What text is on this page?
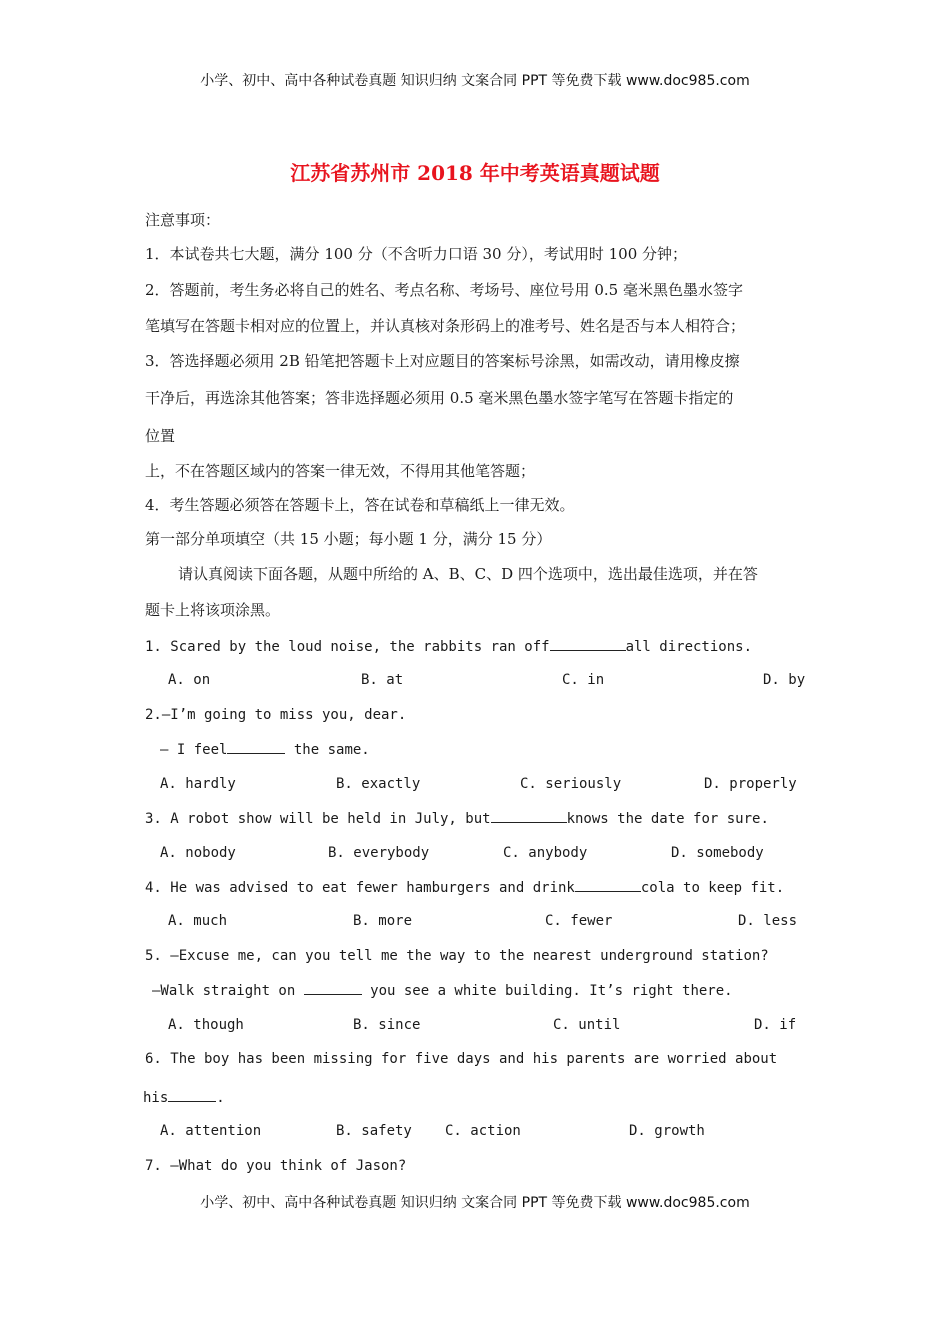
小学、初中、高中各种试卷真题 知识归纳 文案合同 PPT 等免费下载 www.doc985.com
江苏省苏州市 2018 年中考英语真题试题
注意事项：
1．本试卷共七大题，满分 100 分（不含听力口语 30 分），考试用时 100 分钟；
2．答题前，考生务必将自己的姓名、考点名称、考场号、座位号用 0.5 毫米黑色墨水签字
笔填写在答题卡相对应的位置上，并认真核对条形码上的准考号、姓名是否与本人相符合；
3．答选择题必须用 2B 铅笔把答题卡上对应题目的答案标号涂黑，如需改动，请用橡皮擦
干净后，再选涂其他答案；答非选择题必须用 0.5 毫米黑色墨水签字笔写在答题卡指定的
位置
上，不在答题区域内的答案一律无效，不得用其他笔答题；
4．考生答题必须答在答题卡上，答在试卷和草稿纸上一律无效。
第一部分单项填空（共 15 小题；每小题 1 分，满分 15 分）
请认真阅读下面各题，从题中所给的 A、B、C、D 四个选项中，选出最佳选项，并在答
题卡上将该项涂黑。
1. Scared by the loud noise, the rabbits ran off	all directions.
A. on	B. at	C. in	D. by
2.—I’m going to miss you, dear.
— I feel	the same.
A. hardly	B. exactly	C. seriously	D. properly
3. A robot show will be held in July, but	knows the date for sure.
A. nobody	B. everybody	C. anybody	D. somebody
4. He was advised to eat fewer hamburgers and drink	cola to keep fit.
A. much	B. more	C. fewer	D. less
5. —Excuse me, can you tell me the way to the nearest underground station?
—Walk straight on	you see a white building. It’s right there.
A. though	B. since	C. until	D. if
6. The boy has been missing for five days and his parents are worried about
his	.
A. attention	B. safety C. action	D. growth
7. —What do you think of Jason?
小学、初中、高中各种试卷真题 知识归纳 文案合同 PPT 等免费下载 www.doc985.com
